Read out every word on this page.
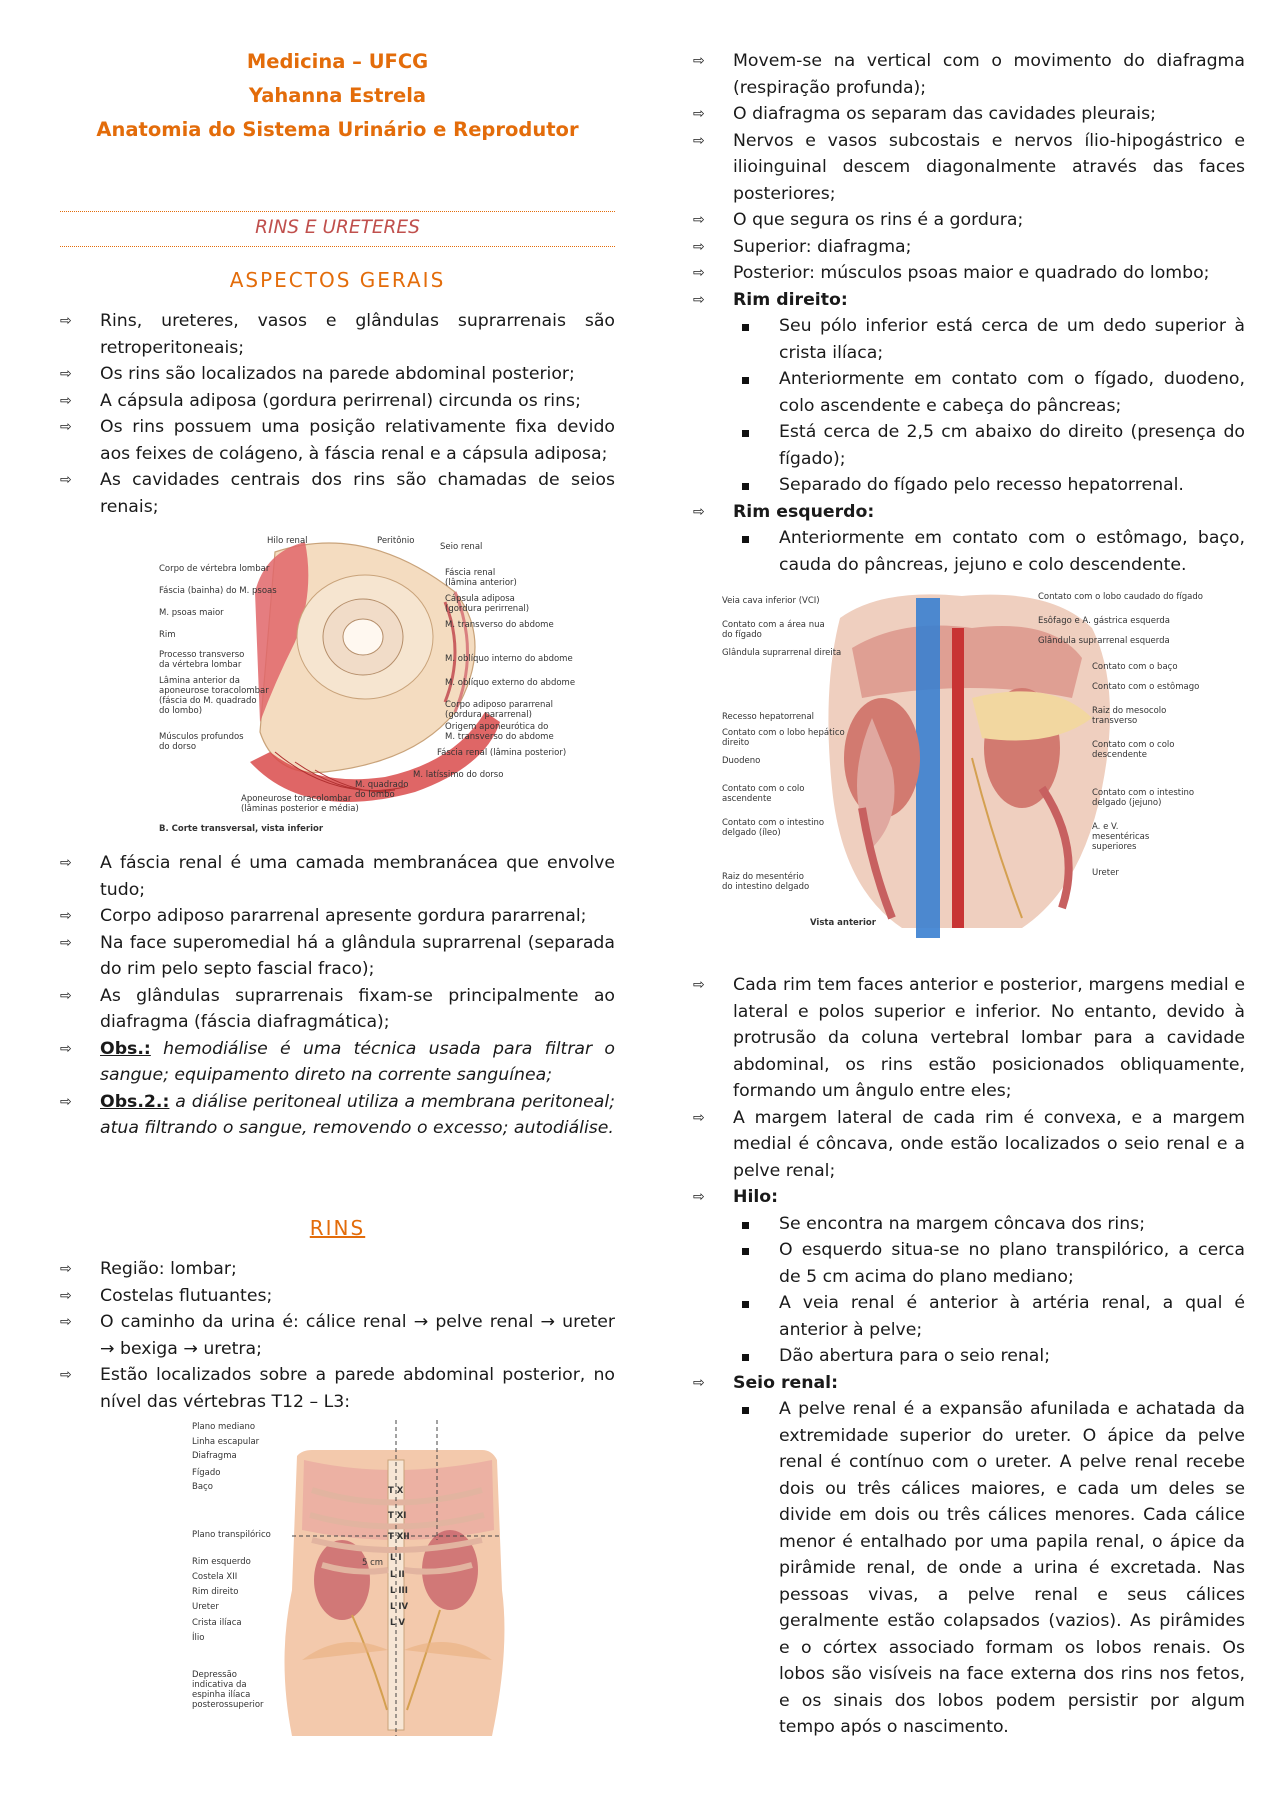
Medicina – UFCG
Yahanna Estrela
Anatomia do Sistema Urinário e Reprodutor
RINS E URETERES
ASPECTOS GERAIS
⇨	Rins, ureteres, vasos e glândulas suprarrenais são retroperitoneais;
⇨	Os rins são localizados na parede abdominal posterior;
⇨	A cápsula adiposa (gordura perirrenal) circunda os rins;
⇨	Os rins possuem uma posição relativamente fixa devido aos feixes de colágeno, à fáscia renal e a cápsula adiposa;
⇨	As cavidades centrais dos rins são chamadas de seios renais;
Hilo renal	Peritônio
Seio renal
Corpo de vértebra lombar
Fáscia (bainha) do M. psoas
M. psoas maior
Rim
Processo transverso
da vértebra lombar
Lâmina anterior da
aponeurose toracolombar
(fáscia do M. quadrado
do lombo)
Músculos profundos
do dorso
Aponeurose toracolombar
(lâminas posterior e média)
M. quadrado
do lombo
M. latíssimo do dorso
Fáscia renal (lâmina posterior)
Origem aponeurótica do
M. transverso do abdome
Corpo adiposo pararrenal
(gordura pararrenal)
M. oblíquo externo do abdome
M. oblíquo interno do abdome
M. transverso do abdome
Cápsula adiposa
(gordura perirrenal)
Fáscia renal
(lâmina anterior)
B. Corte transversal, vista inferior
⇨	A fáscia renal é uma camada membranácea que envolve tudo;
⇨	Corpo adiposo pararrenal apresente gordura pararrenal;
⇨	Na face superomedial há a glândula suprarrenal (separada do rim pelo septo fascial fraco);
⇨	As glândulas suprarrenais fixam-se principalmente ao diafragma (fáscia diafragmática);
⇨	Obs.: hemodiálise é uma técnica usada para filtrar o sangue; equipamento direto na corrente sanguínea;
⇨	Obs.2.: a diálise peritoneal utiliza a membrana peritoneal; atua filtrando o sangue, removendo o excesso; autodiálise.
RINS
⇨	Região: lombar;
⇨	Costelas flutuantes;
⇨	O caminho da urina é: cálice renal → pelve renal → ureter → bexiga → uretra;
⇨	Estão localizados sobre a parede abdominal posterior, no nível das vértebras T12 – L3:
Plano mediano
Linha escapular
Diafragma
Fígado
Baço
Plano transpilórico
Rim esquerdo
Costela XII
Rim direito
Ureter
Crista ilíaca
Ílio
Depressão
indicativa da
espinha ilíaca
posterossuperior
T X
T XI
T XII
L I
L II
L III
L IV
L V
5 cm
⇨	Movem-se na vertical com o movimento do diafragma (respiração profunda);
⇨	O diafragma os separam das cavidades pleurais;
⇨	Nervos e vasos subcostais e nervos ílio-hipogástrico e ilioinguinal descem diagonalmente através das faces posteriores;
⇨	O que segura os rins é a gordura;
⇨	Superior: diafragma;
⇨	Posterior: músculos psoas maior e quadrado do lombo;
⇨	Rim direito:
Seu pólo inferior está cerca de um dedo superior à crista ilíaca;
Anteriormente em contato com o fígado, duodeno, colo ascendente e cabeça do pâncreas;
Está cerca de 2,5 cm abaixo do direito (presença do fígado);
Separado do fígado pelo recesso hepatorrenal.
⇨	Rim esquerdo:
Anteriormente em contato com o estômago, baço, cauda do pâncreas, jejuno e colo descendente.
Veia cava inferior (VCI)
Contato com a área nua
do fígado
Glândula suprarrenal direita
Recesso hepatorrenal
Contato com o lobo hepático
direito
Duodeno
Contato com o colo
ascendente
Contato com o intestino
delgado (íleo)
Raiz do mesentério
do intestino delgado
Contato com o lobo caudado do fígado
Esôfago e A. gástrica esquerda
Glândula suprarrenal esquerda
Contato com o baço
Contato com o estômago
Raiz do mesocolo
transverso
Contato com o colo
descendente
Contato com o intestino
delgado (jejuno)
A. e V.
mesentéricas
superiores
Ureter
Vista anterior
⇨	Cada rim tem faces anterior e posterior, margens medial e lateral e polos superior e inferior. No entanto, devido à protrusão da coluna vertebral lombar para a cavidade abdominal, os rins estão posicionados obliquamente, formando um ângulo entre eles;
⇨	A margem lateral de cada rim é convexa, e a margem medial é côncava, onde estão localizados o seio renal e a pelve renal;
⇨	Hilo:
Se encontra na margem côncava dos rins;
O esquerdo situa-se no plano transpilórico, a cerca de 5 cm acima do plano mediano;
A veia renal é anterior à artéria renal, a qual é anterior à pelve;
Dão abertura para o seio renal;
⇨	Seio renal:
A pelve renal é a expansão afunilada e achatada da extremidade superior do ureter. O ápice da pelve renal é contínuo com o ureter. A pelve renal recebe dois ou três cálices maiores, e cada um deles se divide em dois ou três cálices menores. Cada cálice menor é entalhado por uma papila renal, o ápice da pirâmide renal, de onde a urina é excretada. Nas pessoas vivas, a pelve renal e seus cálices geralmente estão colapsados (vazios). As pirâmides e o córtex associado formam os lobos renais. Os lobos são visíveis na face externa dos rins nos fetos, e os sinais dos lobos podem persistir por algum tempo após o nascimento.
